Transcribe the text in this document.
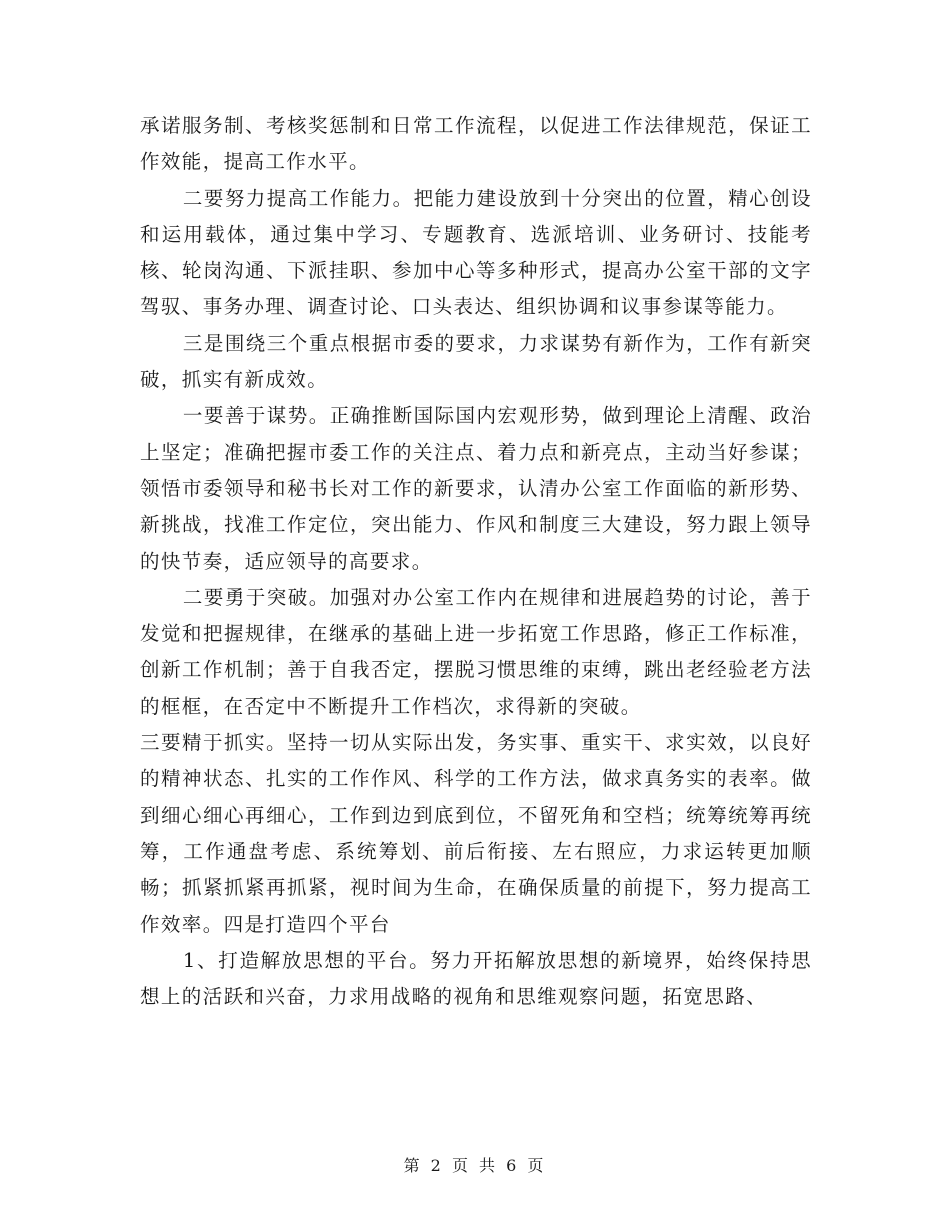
承诺服务制、考核奖惩制和日常工作流程，以促进工作法律规范，保证工作效能，提高工作水平。

二要努力提高工作能力。把能力建设放到十分突出的位置，精心创设和运用载体，通过集中学习、专题教育、选派培训、业务研讨、技能考核、轮岗沟通、下派挂职、参加中心等多种形式，提高办公室干部的文字驾驭、事务办理、调查讨论、口头表达、组织协调和议事参谋等能力。

三是围绕三个重点根据市委的要求，力求谋势有新作为，工作有新突破，抓实有新成效。

一要善于谋势。正确推断国际国内宏观形势，做到理论上清醒、政治上坚定；准确把握市委工作的关注点、着力点和新亮点，主动当好参谋；领悟市委领导和秘书长对工作的新要求，认清办公室工作面临的新形势、新挑战，找准工作定位，突出能力、作风和制度三大建设，努力跟上领导的快节奏，适应领导的高要求。

二要勇于突破。加强对办公室工作内在规律和进展趋势的讨论，善于发觉和把握规律，在继承的基础上进一步拓宽工作思路，修正工作标准，创新工作机制；善于自我否定，摆脱习惯思维的束缚，跳出老经验老方法的框框，在否定中不断提升工作档次，求得新的突破。

三要精于抓实。坚持一切从实际出发，务实事、重实干、求实效，以良好的精神状态、扎实的工作作风、科学的工作方法，做求真务实的表率。做到细心细心再细心，工作到边到底到位，不留死角和空档；统筹统筹再统筹，工作通盘考虑、系统筹划、前后衔接、左右照应，力求运转更加顺畅；抓紧抓紧再抓紧，视时间为生命，在确保质量的前提下，努力提高工作效率。四是打造四个平台

1、打造解放思想的平台。努力开拓解放思想的新境界，始终保持思想上的活跃和兴奋，力求用战略的视角和思维观察问题，拓宽思路、

第 2 页 共 6 页
